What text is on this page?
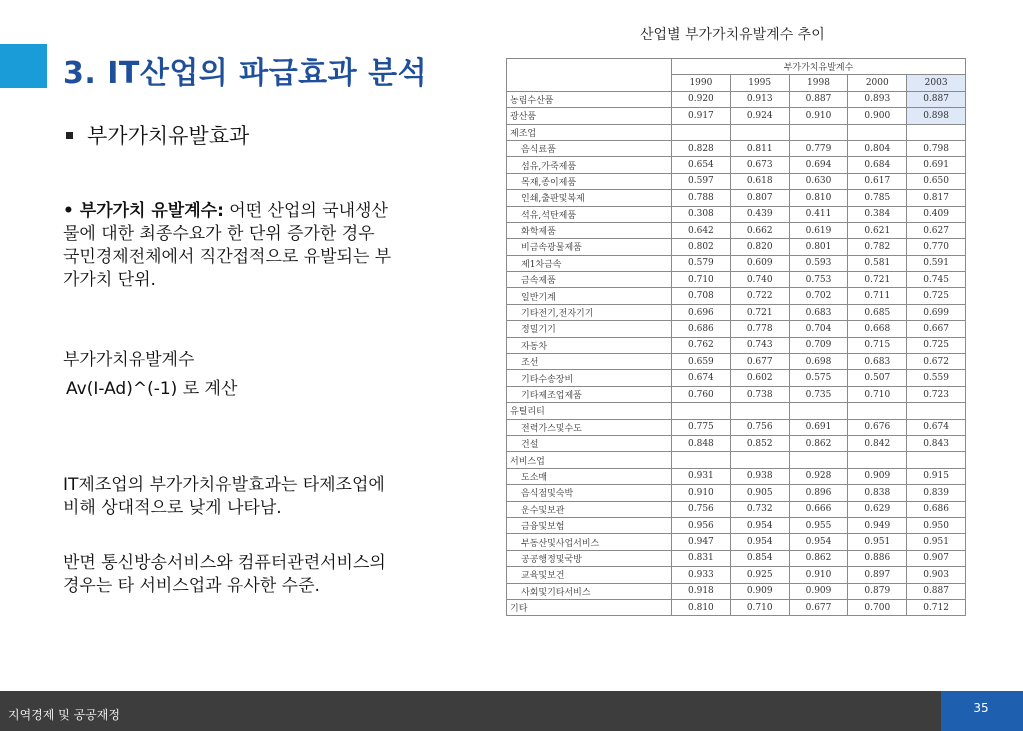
3. IT산업의 파급효과 분석
부가가치유발효과
• 부가가치 유발계수: 어떤 산업의 국내생산물에 대한 최종수요가 한 단위 증가한 경우 국민경제전체에서 직간접적으로 유발되는 부가가치 단위.
부가가치유발계수
Av(I-Ad)^(-1) 로 계산
IT제조업의 부가가치유발효과는 타제조업에 비해 상대적으로 낮게 나타남.
반면 통신방송서비스와 컴퓨터관련서비스의 경우는 타 서비스업과 유사한 수준.
산업별 부가가치유발계수 추이
	부가가치유발계수				
	1990	1995	1998	2000	2003
농림수산품	0.920	0.913	0.887	0.893	0.887
광산품	0.917	0.924	0.910	0.900	0.898
제조업					
음식료품	0.828	0.811	0.779	0.804	0.798
섬유,가죽제품	0.654	0.673	0.694	0.684	0.691
목재,종이제품	0.597	0.618	0.630	0.617	0.650
인쇄,출판및복제	0.788	0.807	0.810	0.785	0.817
석유,석탄제품	0.308	0.439	0.411	0.384	0.409
화학제품	0.642	0.662	0.619	0.621	0.627
비금속광물제품	0.802	0.820	0.801	0.782	0.770
제1차금속	0.579	0.609	0.593	0.581	0.591
금속제품	0.710	0.740	0.753	0.721	0.745
일반기계	0.708	0.722	0.702	0.711	0.725
기타전기,전자기기	0.696	0.721	0.683	0.685	0.699
정밀기기	0.686	0.778	0.704	0.668	0.667
자동차	0.762	0.743	0.709	0.715	0.725
조선	0.659	0.677	0.698	0.683	0.672
기타수송장비	0.674	0.602	0.575	0.507	0.559
기타제조업제품	0.760	0.738	0.735	0.710	0.723
유틸리티					
전력가스및수도	0.775	0.756	0.691	0.676	0.674
건설	0.848	0.852	0.862	0.842	0.843
서비스업					
도소매	0.931	0.938	0.928	0.909	0.915
음식점및숙박	0.910	0.905	0.896	0.838	0.839
운수및보관	0.756	0.732	0.666	0.629	0.686
금융및보험	0.956	0.954	0.955	0.949	0.950
부동산및사업서비스	0.947	0.954	0.954	0.951	0.951
공공행정및국방	0.831	0.854	0.862	0.886	0.907
교육및보건	0.933	0.925	0.910	0.897	0.903
사회및기타서비스	0.918	0.909	0.909	0.879	0.887
기타	0.810	0.710	0.677	0.700	0.712
지역경제 및 공공재정	35
